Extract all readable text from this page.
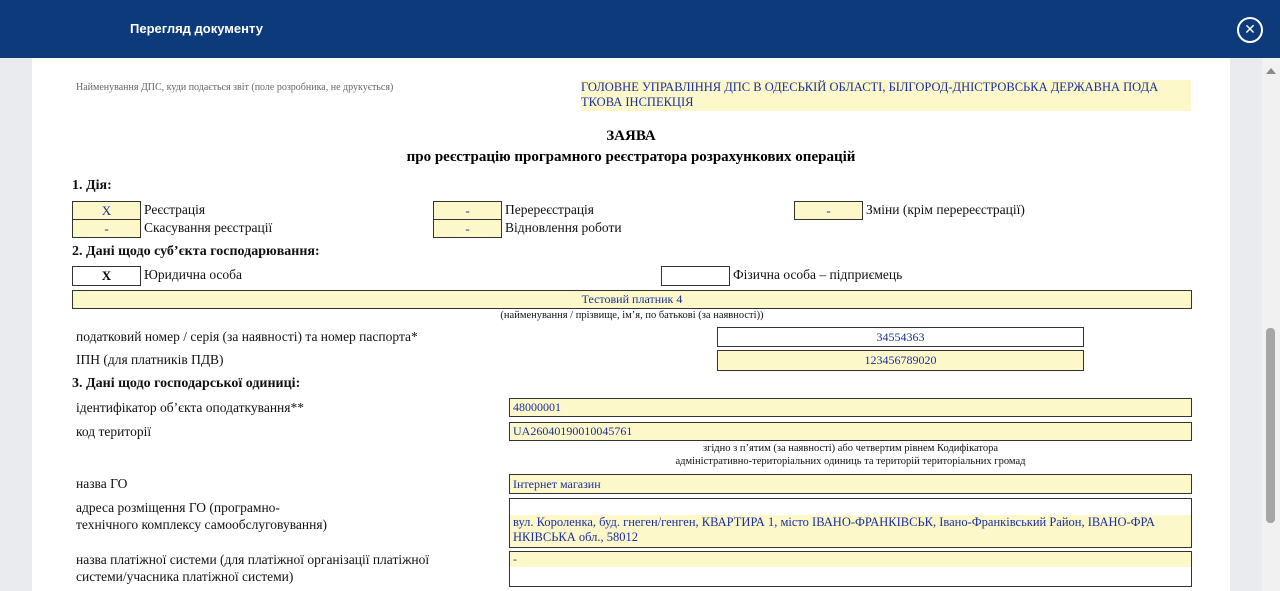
Перегляд документу	✕
Найменування ДПС, куди подається звіт (поле розробника, не друкується)	ГОЛОВНЕ УПРАВЛІННЯ ДПС В ОДЕСЬКІЙ ОБЛАСТІ, БІЛГОРОД-ДНІСТРОВСЬКА ДЕРЖАВНА ПОДА
ТКОВА ІНСПЕКЦІЯ
ЗАЯВА
про реєстрацію програмного реєстратора розрахункових операцій
1. Дія:
X	Реєстрація	-	Перереєстрація	-	Зміни (крім перереєстрації)
-	Скасування реєстрації	-	Відновлення роботи
2. Дані щодо суб’єкта господарювання:
X	Юридична особа	Фізична особа – підприємець
Тестовий платник 4
(найменування / прізвище, ім’я, по батькові (за наявності))
податковий номер / серія (за наявності) та номер паспорта*	34554363
ІПН (для платників ПДВ)	123456789020
3. Дані щодо господарської одиниці:
ідентифікатор об’єкта оподаткування**	48000001
код території	UA26040190010045761
згідно з п’ятим (за наявності) або четвертим рівнем Кодифікатора
адміністративно-територіальних одиниць та територій територіальних громад
назва ГО	Інтернет магазин
адреса розміщення ГО (програмно-
технічного комплексу самообслуговування)	вул. Короленка, буд. гнеген/генген, КВАРТИРА 1, місто ІВАНО-ФРАНКІВСЬК, Івано-Франківський Район, ІВАНО-ФРА
НКІВСЬКА обл., 58012
назва платіжної системи (для платіжної організації платіжної
системи/учасника платіжної системи)
-
